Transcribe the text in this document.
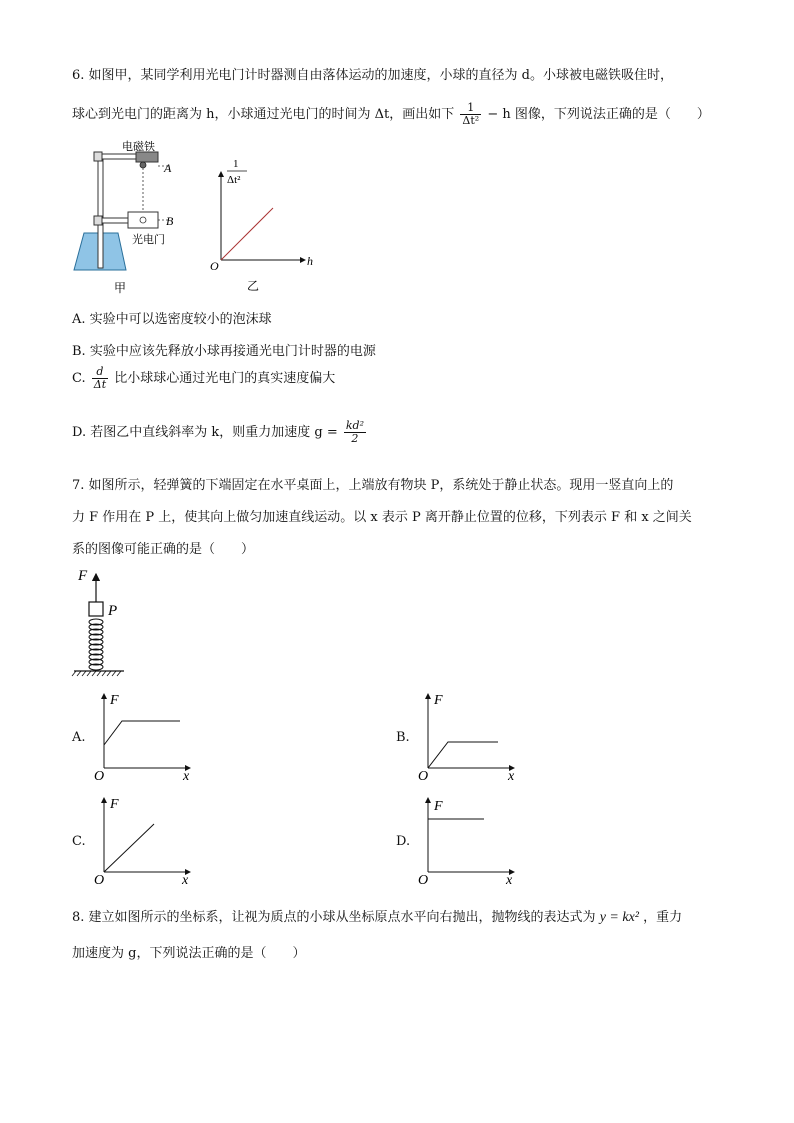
6. 如图甲，某同学利用光电门计时器测自由落体运动的加速度，小球的直径为 d。小球被电磁铁吸住时，
球心到光电门的距离为 h，小球通过光电门的时间为 Δt，画出如下 $\frac{1}{\text{Δt²}} - h$ 图像，下列说法正确的是（　　）
电磁铁
A
B
光电门
甲
1
Δt²
h
O
乙
A. 实验中可以选密度较小的泡沫球
B. 实验中应该先释放小球再接通光电门计时器的电源
C. $\frac{d}{\Delta t}$ 比小球球心通过光电门的真实速度偏大
D. 若图乙中直线斜率为 k，则重力加速度 $g = \frac{\text{kd²}}{2}$
7. 如图所示，轻弹簧的下端固定在水平桌面上，上端放有物块 P，系统处于静止状态。现用一竖直向上的
力 F 作用在 P 上，使其向上做匀加速直线运动。以 x 表示 P 离开静止位置的位移，下列表示 F 和 x 之间关
系的图像可能正确的是（　　）
F
P
A.
F
x
O
B.
F
x
O
C.
F
x
O
D.
F
x
O
8. 建立如图所示的坐标系，让视为质点的小球从坐标原点水平向右抛出，抛物线的表达式为 y = kx² ，重力
加速度为 g，下列说法正确的是（　　）
